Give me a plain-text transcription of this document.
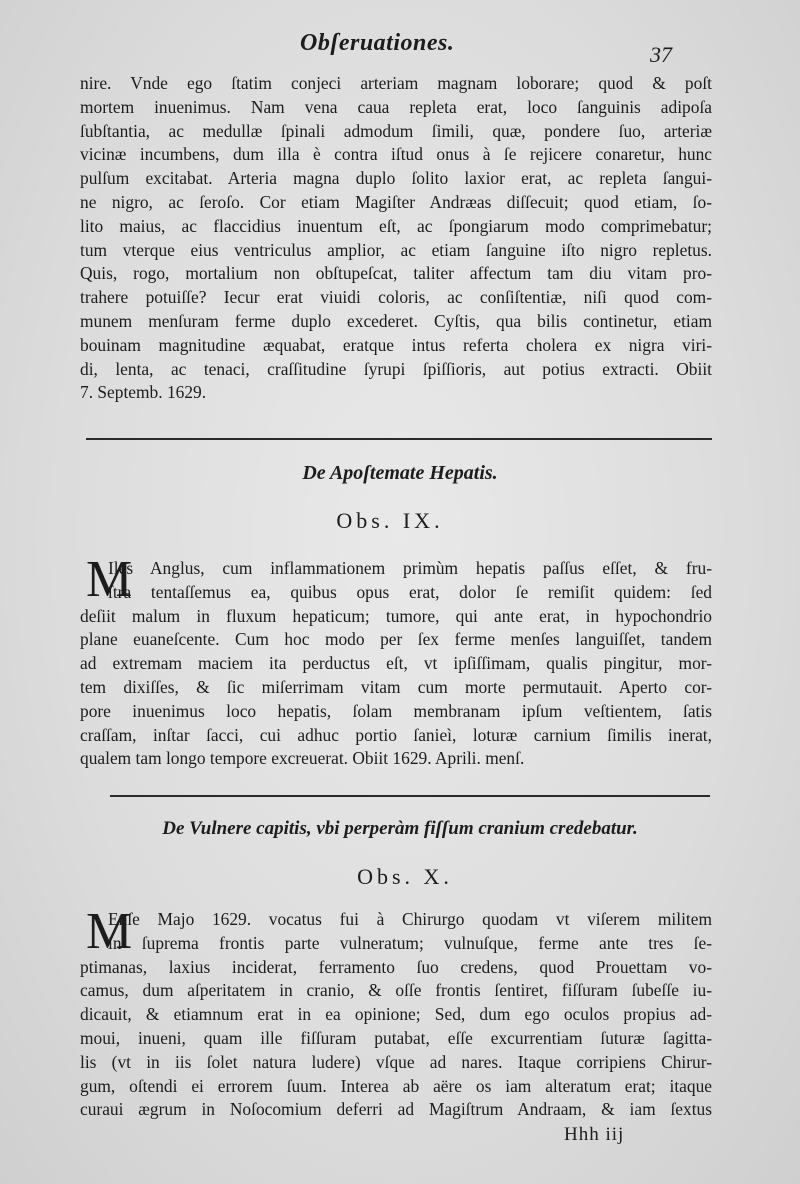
Obſeruationes.	37
nire. Vnde ego ſtatim conjeci arteriam magnam loborare; quod & poſt
mortem inuenimus. Nam vena caua repleta erat, loco ſanguinis adipoſa
ſubſtantia, ac medullæ ſpinali admodum ſimili, quæ, pondere ſuo, arteriæ
vicinæ incumbens, dum illa è contra iſtud onus à ſe rejicere conaretur, hunc
pulſum excitabat. Arteria magna duplo ſolito laxior erat, ac repleta ſangui-
ne nigro, ac ſeroſo. Cor etiam Magiſter Andræas diſſecuit; quod etiam, ſo-
lito maius, ac flaccidius inuentum eſt, ac ſpongiarum modo comprimebatur;
tum vterque eius ventriculus amplior, ac etiam ſanguine iſto nigro repletus.
Quis, rogo, mortalium non obſtupeſcat, taliter affectum tam diu vitam pro-
trahere potuiſſe? Iecur erat viuidi coloris, ac conſiſtentiæ, niſi quod com-
munem menſuram ferme duplo excederet. Cyſtis, qua bilis continetur, etiam
bouinam magnitudine æquabat, eratque intus referta cholera ex nigra viri-
di, lenta, ac tenaci, craſſitudine ſyrupi ſpiſſioris, aut potius extracti. Obiit
7. Septemb. 1629.
De Apoſtemate Hepatis.
Obs. IX.
M
Iles Anglus, cum inflammationem primùm hepatis paſſus eſſet, & fru-
ſtra tentaſſemus ea, quibus opus erat, dolor ſe remiſit quidem: ſed
deſiit malum in fluxum hepaticum; tumore, qui ante erat, in hypochondrio
plane euaneſcente. Cum hoc modo per ſex ferme menſes languiſſet, tandem
ad extremam maciem ita perductus eſt, vt ipſiſſimam, qualis pingitur, mor-
tem dixiſſes, & ſic miſerrimam vitam cum morte permutauit. Aperto cor-
pore inuenimus loco hepatis, ſolam membranam ipſum veſtientem, ſatis
craſſam, inſtar ſacci, cui adhuc portio ſanieì, loturæ carnium ſimilis inerat,
qualem tam longo tempore excreuerat. Obiit 1629. Aprili. menſ.
De Vulnere capitis, vbi perperàm fiſſum cranium credebatur.
Obs. X.
M
Enſe Majo 1629. vocatus fui à Chirurgo quodam vt viſerem militem
in ſuprema frontis parte vulneratum; vulnuſque, ferme ante tres ſe-
ptimanas, laxius inciderat, ferramento ſuo credens, quod Prouettam vo-
camus, dum aſperitatem in cranio, & oſſe frontis ſentiret, fiſſuram ſubeſſe iu-
dicauit, & etiamnum erat in ea opinione; Sed, dum ego oculos propius ad-
moui, inueni, quam ille fiſſuram putabat, eſſe excurrentiam ſuturæ ſagitta-
lis (vt in iis ſolet natura ludere) vſque ad nares. Itaque corripiens Chirur-
gum, oſtendi ei errorem ſuum. Interea ab aëre os iam alteratum erat; itaque
curaui ægrum in Noſocomium deferri ad Magiſtrum Andraam, & iam ſextus
Hhh iij
